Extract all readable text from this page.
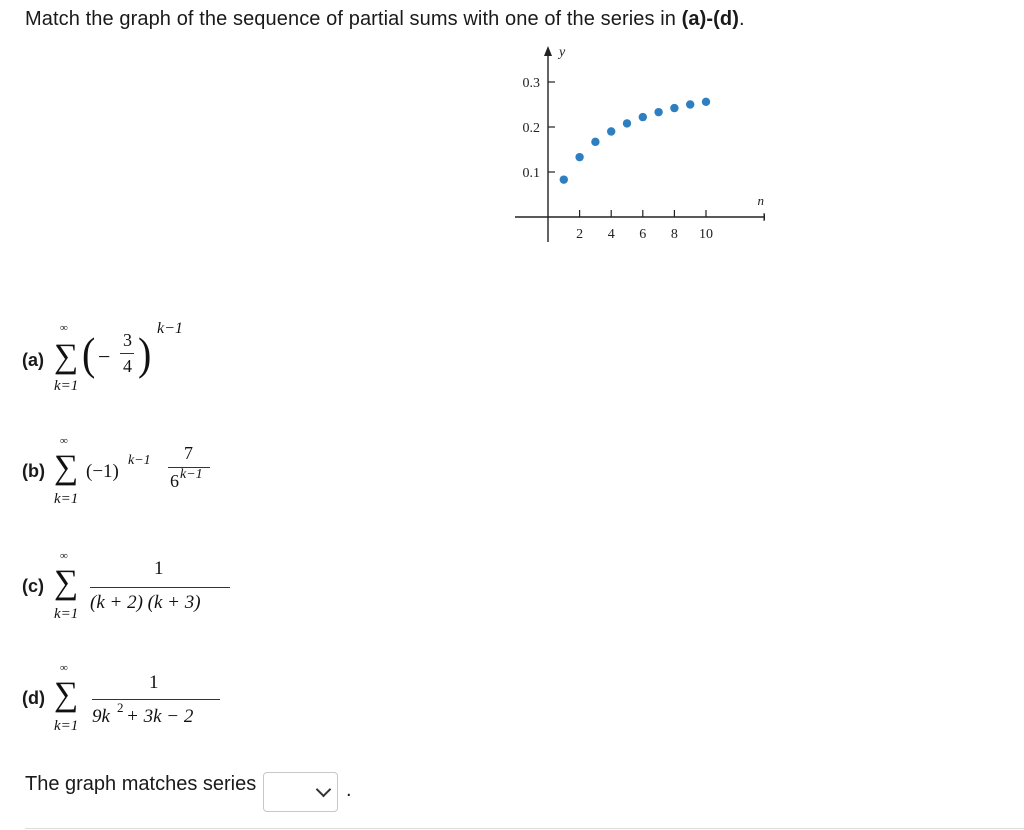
Match the graph of the sequence of partial sums with one of the series in (a)-(d).
y
n
0.1
0.2
0.3
2 4 6 8 10
(a)
∞
∑
k=1
( −
3
4 ) k−1
(b)
∞
∑
k=1
(−1)
k−1 7
6 k−1
(c)
∞
∑
k=1
1
(k + 2) (k + 3)
(d)
∞
∑
k=1
1
9k 2 + 3k − 2
The graph matches series	.
